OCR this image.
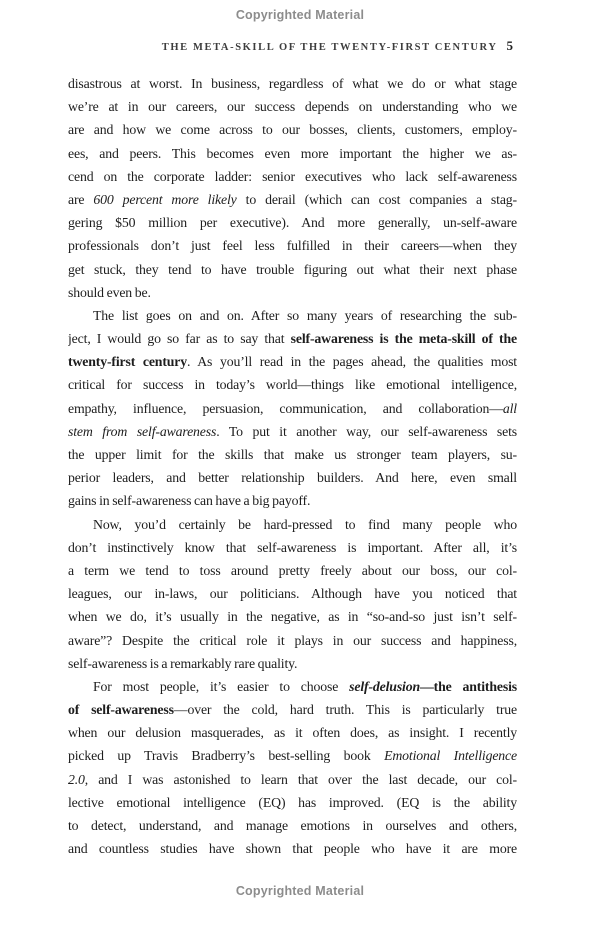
Copyrighted Material
THE META-SKILL OF THE TWENTY-FIRST CENTURY 5
disastrous at worst. In business, regardless of what we do or what stage
we’re at in our careers, our success depends on understanding who we
are and how we come across to our bosses, clients, customers, employ-
ees, and peers. This becomes even more important the higher we as-
cend on the corporate ladder: senior executives who lack self-awareness
are 600 percent more likely to derail (which can cost companies a stag-
gering $50 million per executive). And more generally, un-self-aware
professionals don’t just feel less fulfilled in their careers—when they
get stuck, they tend to have trouble figuring out what their next phase
should even be.
The list goes on and on. After so many years of researching the sub-
ject, I would go so far as to say that self-awareness is the meta-skill of the
twenty-first century. As you’ll read in the pages ahead, the qualities most
critical for success in today’s world—things like emotional intelligence,
empathy, influence, persuasion, communication, and collaboration—all
stem from self-awareness. To put it another way, our self-awareness sets
the upper limit for the skills that make us stronger team players, su-
perior leaders, and better relationship builders. And here, even small
gains in self-awareness can have a big payoff.
Now, you’d certainly be hard-pressed to find many people who
don’t instinctively know that self-awareness is important. After all, it’s
a term we tend to toss around pretty freely about our boss, our col-
leagues, our in-laws, our politicians. Although have you noticed that
when we do, it’s usually in the negative, as in “so-and-so just isn’t self-
aware”? Despite the critical role it plays in our success and happiness,
self-awareness is a remarkably rare quality.
For most people, it’s easier to choose self-delusion—the antithesis
of self-awareness—over the cold, hard truth. This is particularly true
when our delusion masquerades, as it often does, as insight. I recently
picked up Travis Bradberry’s best-selling book Emotional Intelligence
2.0, and I was astonished to learn that over the last decade, our col-
lective emotional intelligence (EQ) has improved. (EQ is the ability
to detect, understand, and manage emotions in ourselves and others,
and countless studies have shown that people who have it are more
Copyrighted Material
